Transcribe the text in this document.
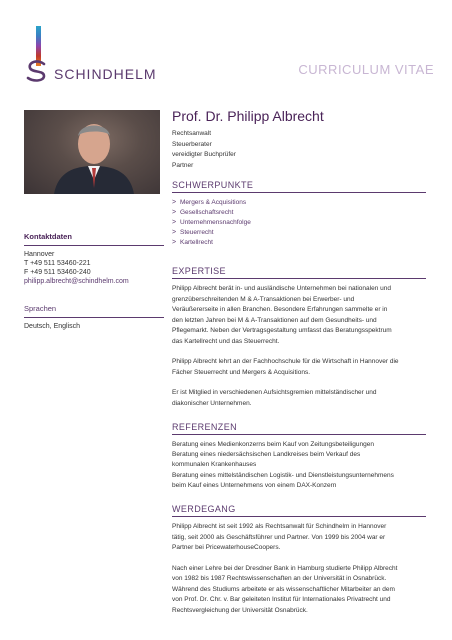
SCHINDHELM	CURRICULUM VITAE
Kontaktdaten
Hannover
T +49 511 53460-221
F +49 511 53460-240
philipp.albrecht@schindhelm.com
Sprachen
Deutsch, Englisch
Prof. Dr. Philipp Albrecht
Rechtsanwalt
Steuerberater
vereidigter Buchprüfer
Partner
SCHWERPUNKTE
> Mergers & Acquisitions
> Gesellschaftsrecht
> Unternehmensnachfolge
> Steuerrecht
> Kartellrecht
EXPERTISE
Philipp Albrecht berät in- und ausländische Unternehmen bei nationalen und
grenzüberschreitenden M & A-Transaktionen bei Erwerber- und
Veräußererseite in allen Branchen. Besondere Erfahrungen sammelte er in
den letzten Jahren bei M & A-Transaktionen auf dem Gesundheits- und
Pflegemarkt. Neben der Vertragsgestaltung umfasst das Beratungsspektrum
das Kartellrecht und das Steuerrecht.
Philipp Albrecht lehrt an der Fachhochschule für die Wirtschaft in Hannover die
Fächer Steuerrecht und Mergers & Acquisitions.
Er ist Mitglied in verschiedenen Aufsichtsgremien mittelständischer und
diakonischer Unternehmen.
REFERENZEN
Beratung eines Medienkonzerns beim Kauf von Zeitungsbeteiligungen
Beratung eines niedersächsischen Landkreises beim Verkauf des
kommunalen Krankenhauses
Beratung eines mittelständischen Logistik- und Dienstleistungsunternehmens
beim Kauf eines Unternehmens von einem DAX-Konzern
WERDEGANG
Philipp Albrecht ist seit 1992 als Rechtsanwalt für Schindhelm in Hannover
tätig, seit 2000 als Geschäftsführer und Partner. Von 1999 bis 2004 war er
Partner bei PricewaterhouseCoopers.
Nach einer Lehre bei der Dresdner Bank in Hamburg studierte Philipp Albrecht
von 1982 bis 1987 Rechtswissenschaften an der Universität in Osnabrück.
Während des Studiums arbeitete er als wissenschaftlicher Mitarbeiter an dem
von Prof. Dr. Chr. v. Bar geleiteten Institut für Internationales Privatrecht und
Rechtsvergleichung der Universität Osnabrück.
